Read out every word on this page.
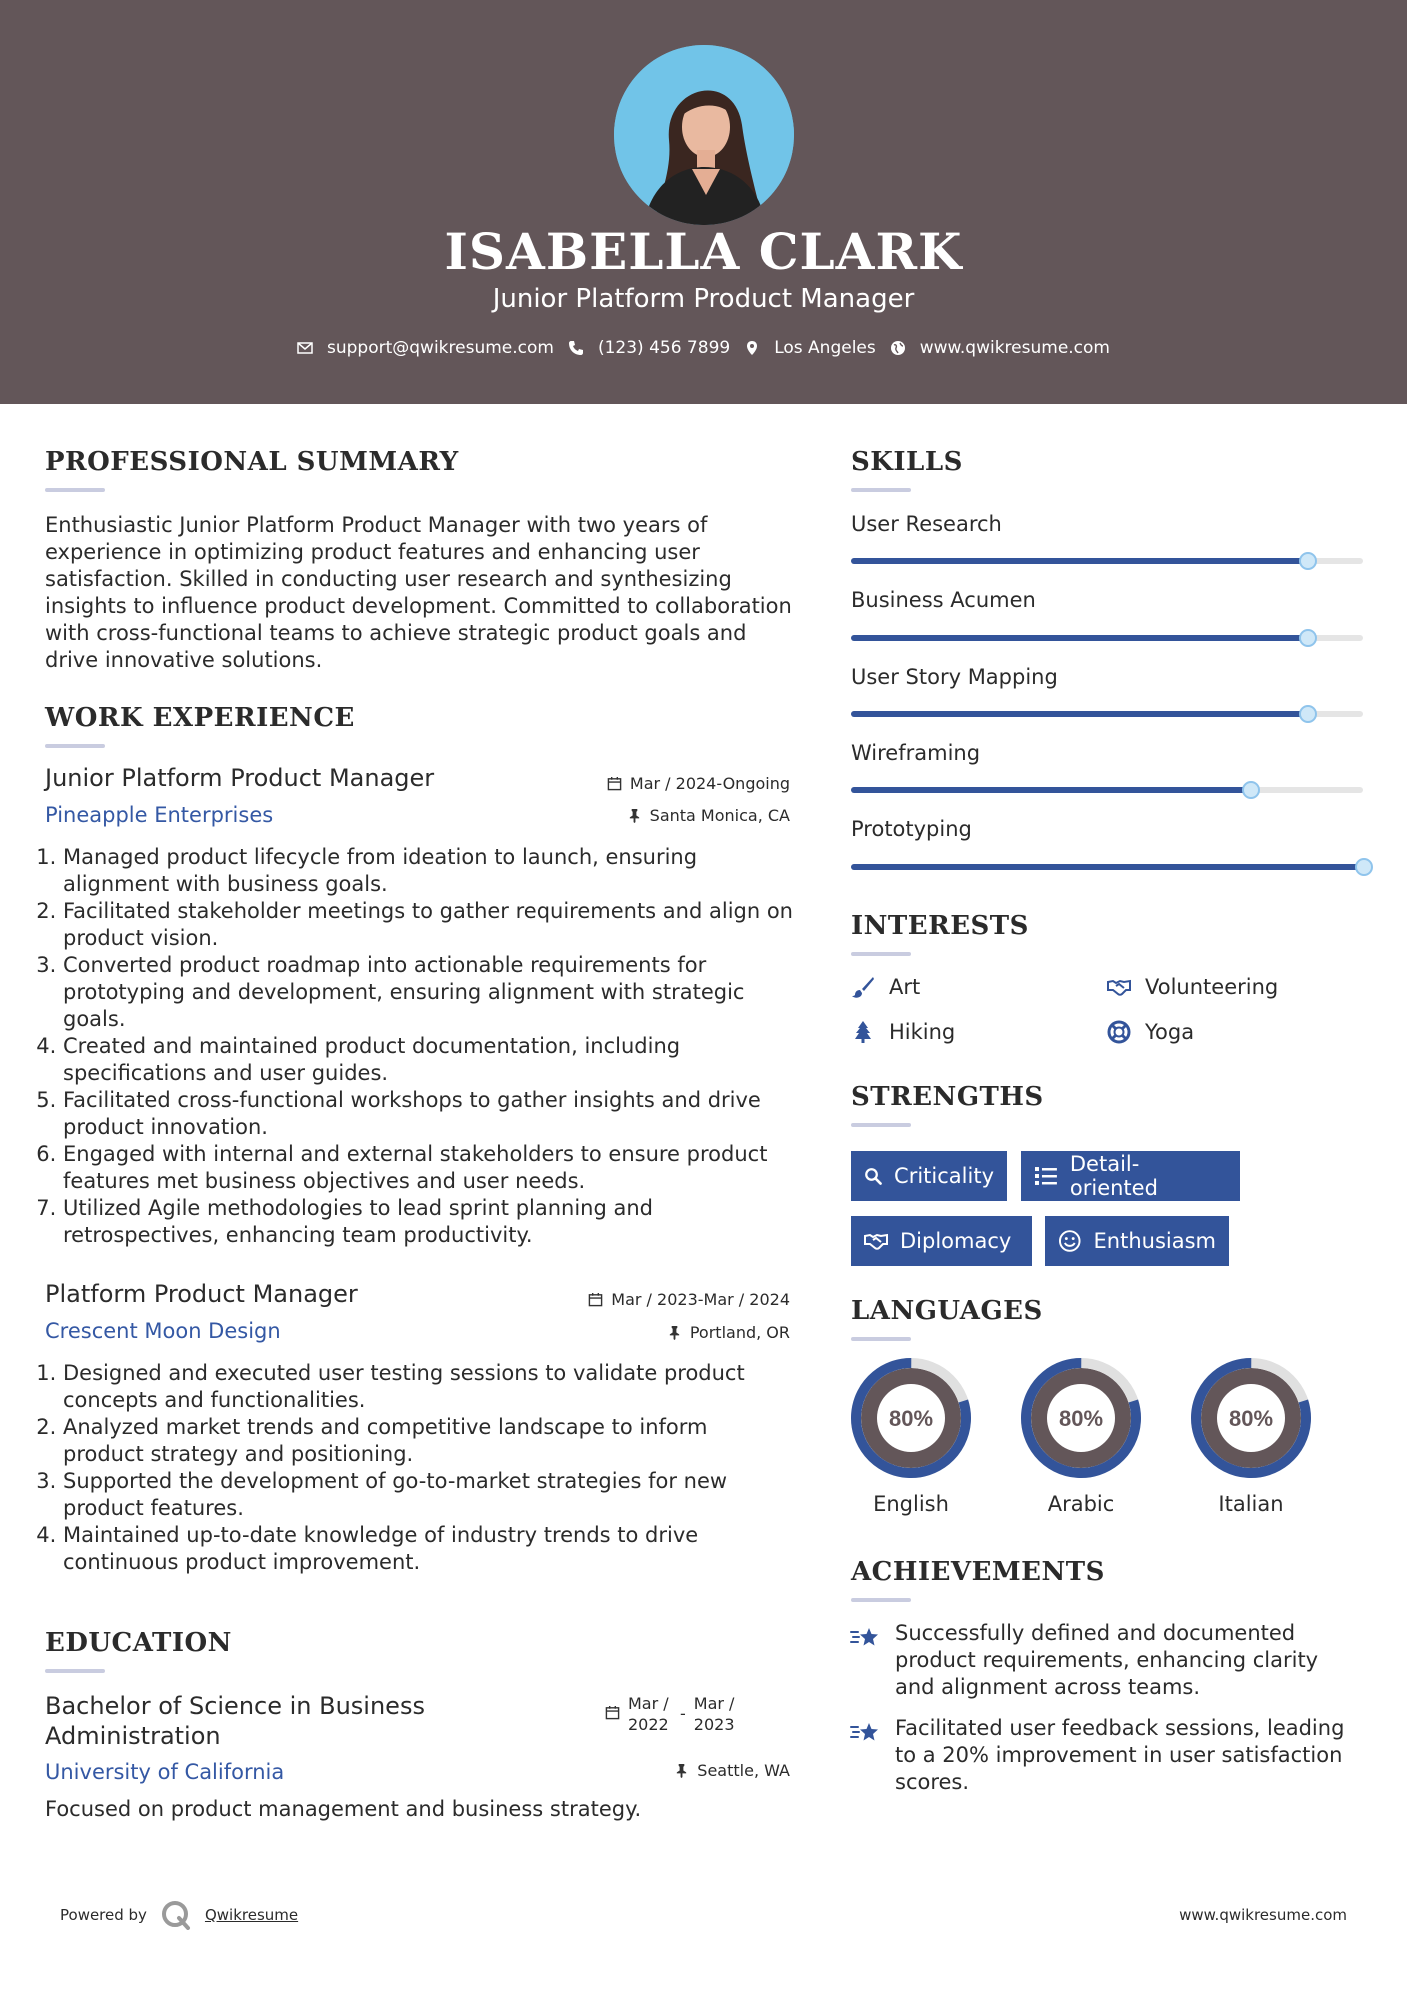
ISABELLA CLARK
Junior Platform Product Manager
support@qwikresume.com	(123) 456 7899	Los Angeles	www.qwikresume.com
PROFESSIONAL SUMMARY
Enthusiastic Junior Platform Product Manager with two years of experience in optimizing product features and enhancing user satisfaction. Skilled in conducting user research and synthesizing insights to influence product development. Committed to collaboration with cross-functional teams to achieve strategic product goals and drive innovative solutions.
WORK EXPERIENCE
Junior Platform Product Manager	Mar / 2024-Ongoing
Pineapple Enterprises	Santa Monica, CA
1. Managed product lifecycle from ideation to launch, ensuring alignment with business goals.
2. Facilitated stakeholder meetings to gather requirements and align on product vision.
3. Converted product roadmap into actionable requirements for prototyping and development, ensuring alignment with strategic goals.
4. Created and maintained product documentation, including specifications and user guides.
5. Facilitated cross-functional workshops to gather insights and drive product innovation.
6. Engaged with internal and external stakeholders to ensure product features met business objectives and user needs.
7. Utilized Agile methodologies to lead sprint planning and retrospectives, enhancing team productivity.
Platform Product Manager	Mar / 2023-Mar / 2024
Crescent Moon Design	Portland, OR
1. Designed and executed user testing sessions to validate product concepts and functionalities.
2. Analyzed market trends and competitive landscape to inform product strategy and positioning.
3. Supported the development of go-to-market strategies for new product features.
4. Maintained up-to-date knowledge of industry trends to drive continuous product improvement.
EDUCATION
Bachelor of Science in Business Administration
Mar / 2022
-
Mar / 2023
University of California	Seattle, WA
Focused on product management and business strategy.
SKILLS
User Research
Business Acumen
User Story Mapping
Wireframing
Prototyping
INTERESTS
Art	Volunteering
Hiking	Yoga
STRENGTHS
Criticality	Detail-oriented
Diplomacy	Enthusiasm
LANGUAGES
80%
English
80%
Arabic
80%
Italian
ACHIEVEMENTS
Successfully defined and documented product requirements, enhancing clarity and alignment across teams.
Facilitated user feedback sessions, leading to a 20% improvement in user satisfaction scores.
Powered by	Qwikresume	www.qwikresume.com
